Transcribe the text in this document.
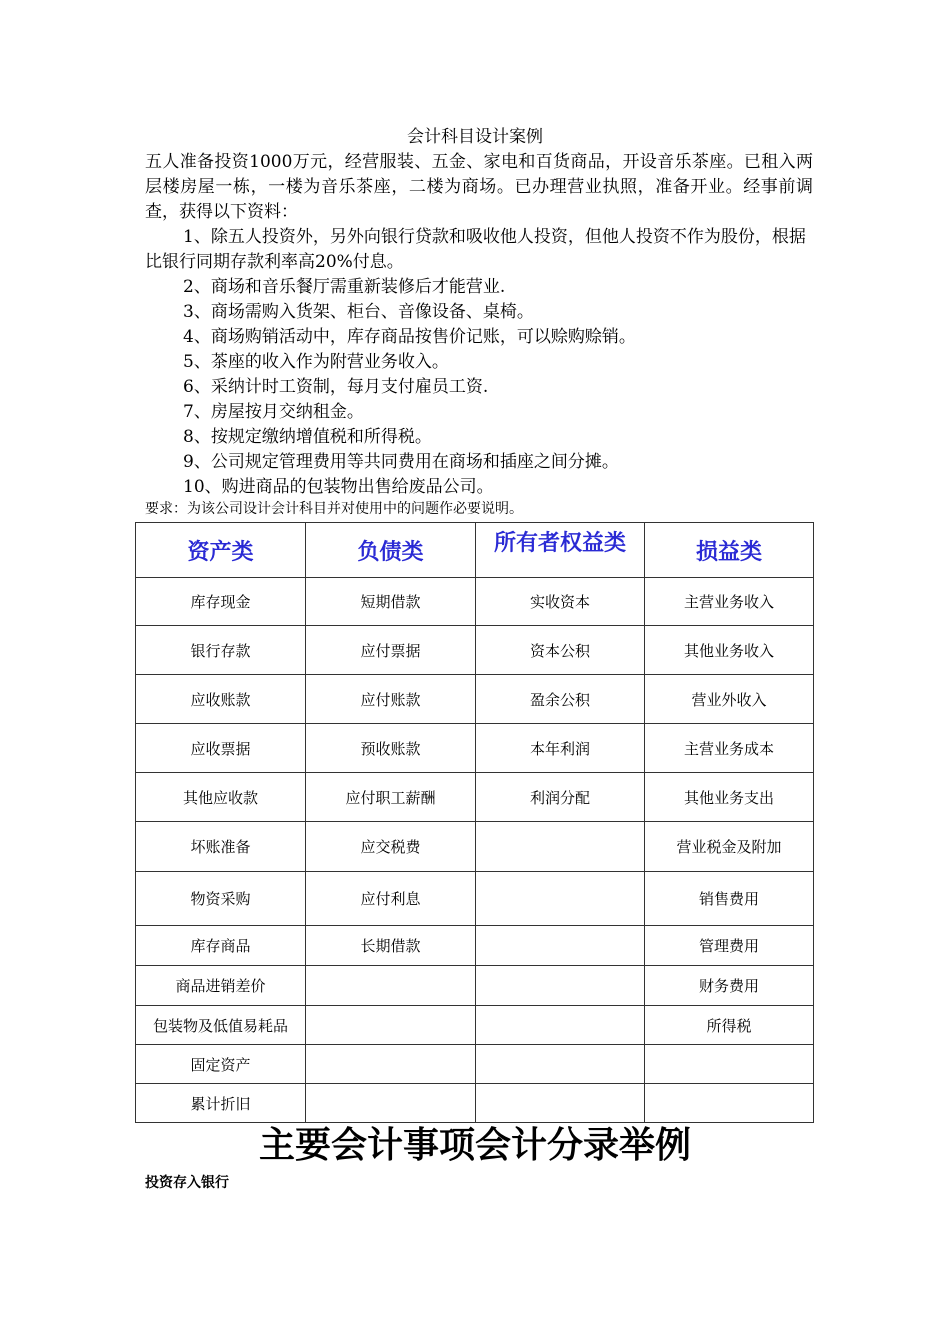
会计科目设计案例

五人准备投资1000万元，经营服装、五金、家电和百货商品，开设音乐茶座。已租入两层楼房屋一栋，一楼为音乐茶座，二楼为商场。已办理营业执照，准备开业。经事前调查，获得以下资料：

1、除五人投资外，另外向银行贷款和吸收他人投资，但他人投资不作为股份，根据比银行同期存款利率高20%付息。
2、商场和音乐餐厅需重新装修后才能营业.
3、商场需购入货架、柜台、音像设备、桌椅。
4、商场购销活动中，库存商品按售价记账，可以赊购赊销。
5、茶座的收入作为附营业务收入。
6、采纳计时工资制，每月支付雇员工资.
7、房屋按月交纳租金。
8、按规定缴纳增值税和所得税。
9、公司规定管理费用等共同费用在商场和插座之间分摊。
10、购进商品的包装物出售给废品公司。
要求：为该公司设计会计科目并对使用中的问题作必要说明。
资产类	负债类	所有者权益类	损益类
库存现金	短期借款	实收资本	主营业务收入
银行存款	应付票据	资本公积	其他业务收入
应收账款	应付账款	盈余公积	营业外收入
应收票据	预收账款	本年利润	主营业务成本
其他应收款	应付职工薪酬	利润分配	其他业务支出
坏账准备	应交税费		营业税金及附加
物资采购	应付利息		销售费用
库存商品	长期借款		管理费用
商品进销差价			财务费用
包装物及低值易耗品			所得税
固定资产			
累计折旧			
主要会计事项会计分录举例
投资存入银行
